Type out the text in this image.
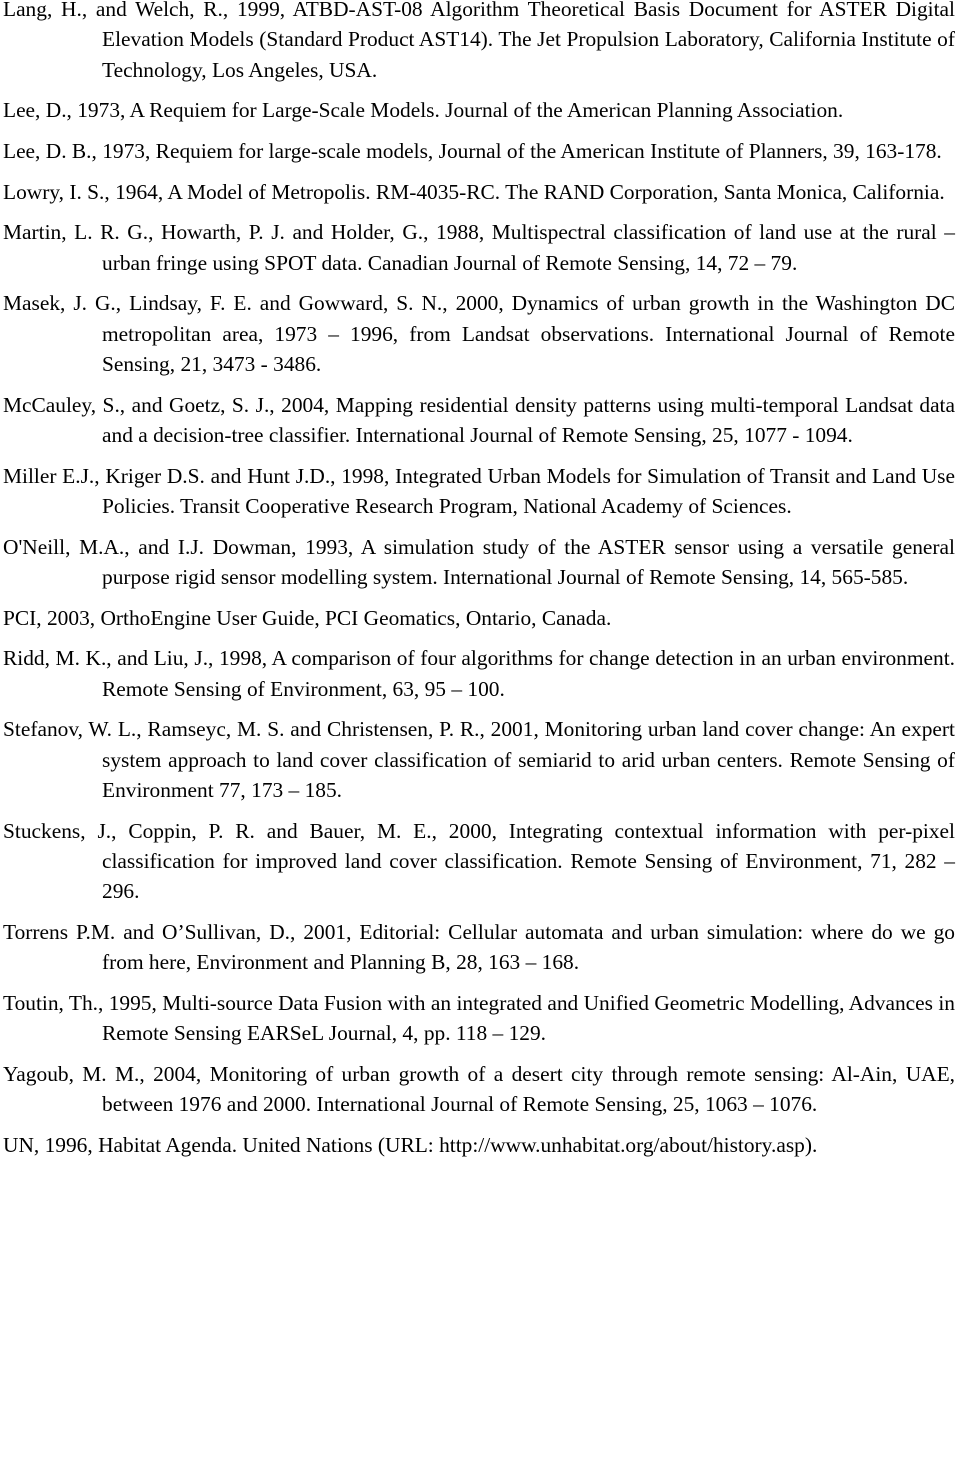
Lang, H., and Welch, R., 1999, ATBD-AST-08 Algorithm Theoretical Basis Document for ASTER Digital Elevation Models (Standard Product AST14). The Jet Propulsion Laboratory, California Institute of Technology, Los Angeles, USA.

Lee, D., 1973, A Requiem for Large-Scale Models. Journal of the American Planning Association.

Lee, D. B., 1973, Requiem for large-scale models, Journal of the American Institute of Planners, 39, 163-178.

Lowry, I. S., 1964, A Model of Metropolis. RM-4035-RC. The RAND Corporation, Santa Monica, California.

Martin, L. R. G., Howarth, P. J. and Holder, G., 1988, Multispectral classification of land use at the rural – urban fringe using SPOT data. Canadian Journal of Remote Sensing, 14, 72 – 79.

Masek, J. G., Lindsay, F. E. and Gowward, S. N., 2000, Dynamics of urban growth in the Washington DC metropolitan area, 1973 – 1996, from Landsat observations. International Journal of Remote Sensing, 21, 3473 - 3486.

McCauley, S., and Goetz, S. J., 2004, Mapping residential density patterns using multi-temporal Landsat data and a decision-tree classifier. International Journal of Remote Sensing, 25, 1077 - 1094.

Miller E.J., Kriger D.S. and Hunt J.D., 1998, Integrated Urban Models for Simulation of Transit and Land Use Policies. Transit Cooperative Research Program, National Academy of Sciences.

O'Neill, M.A., and I.J. Dowman, 1993, A simulation study of the ASTER sensor using a versatile general purpose rigid sensor modelling system. International Journal of Remote Sensing, 14, 565-585.

PCI, 2003, OrthoEngine User Guide, PCI Geomatics, Ontario, Canada.

Ridd, M. K., and Liu, J., 1998, A comparison of four algorithms for change detection in an urban environment. Remote Sensing of Environment, 63, 95 – 100.

Stefanov, W. L., Ramseyc, M. S. and Christensen, P. R., 2001, Monitoring urban land cover change: An expert system approach to land cover classification of semiarid to arid urban centers. Remote Sensing of Environment 77, 173 – 185.

Stuckens, J., Coppin, P. R. and Bauer, M. E., 2000, Integrating contextual information with per-pixel classification for improved land cover classification. Remote Sensing of Environment, 71, 282 – 296.

Torrens P.M. and O’Sullivan, D., 2001, Editorial: Cellular automata and urban simulation: where do we go from here, Environment and Planning B, 28, 163 – 168.

Toutin, Th., 1995, Multi-source Data Fusion with an integrated and Unified Geometric Modelling, Advances in Remote Sensing EARSeL Journal, 4, pp. 118 – 129.

Yagoub, M. M., 2004, Monitoring of urban growth of a desert city through remote sensing: Al-Ain, UAE, between 1976 and 2000. International Journal of Remote Sensing, 25, 1063 – 1076.

UN, 1996, Habitat Agenda. United Nations (URL: http://www.unhabitat.org/about/history.asp).
